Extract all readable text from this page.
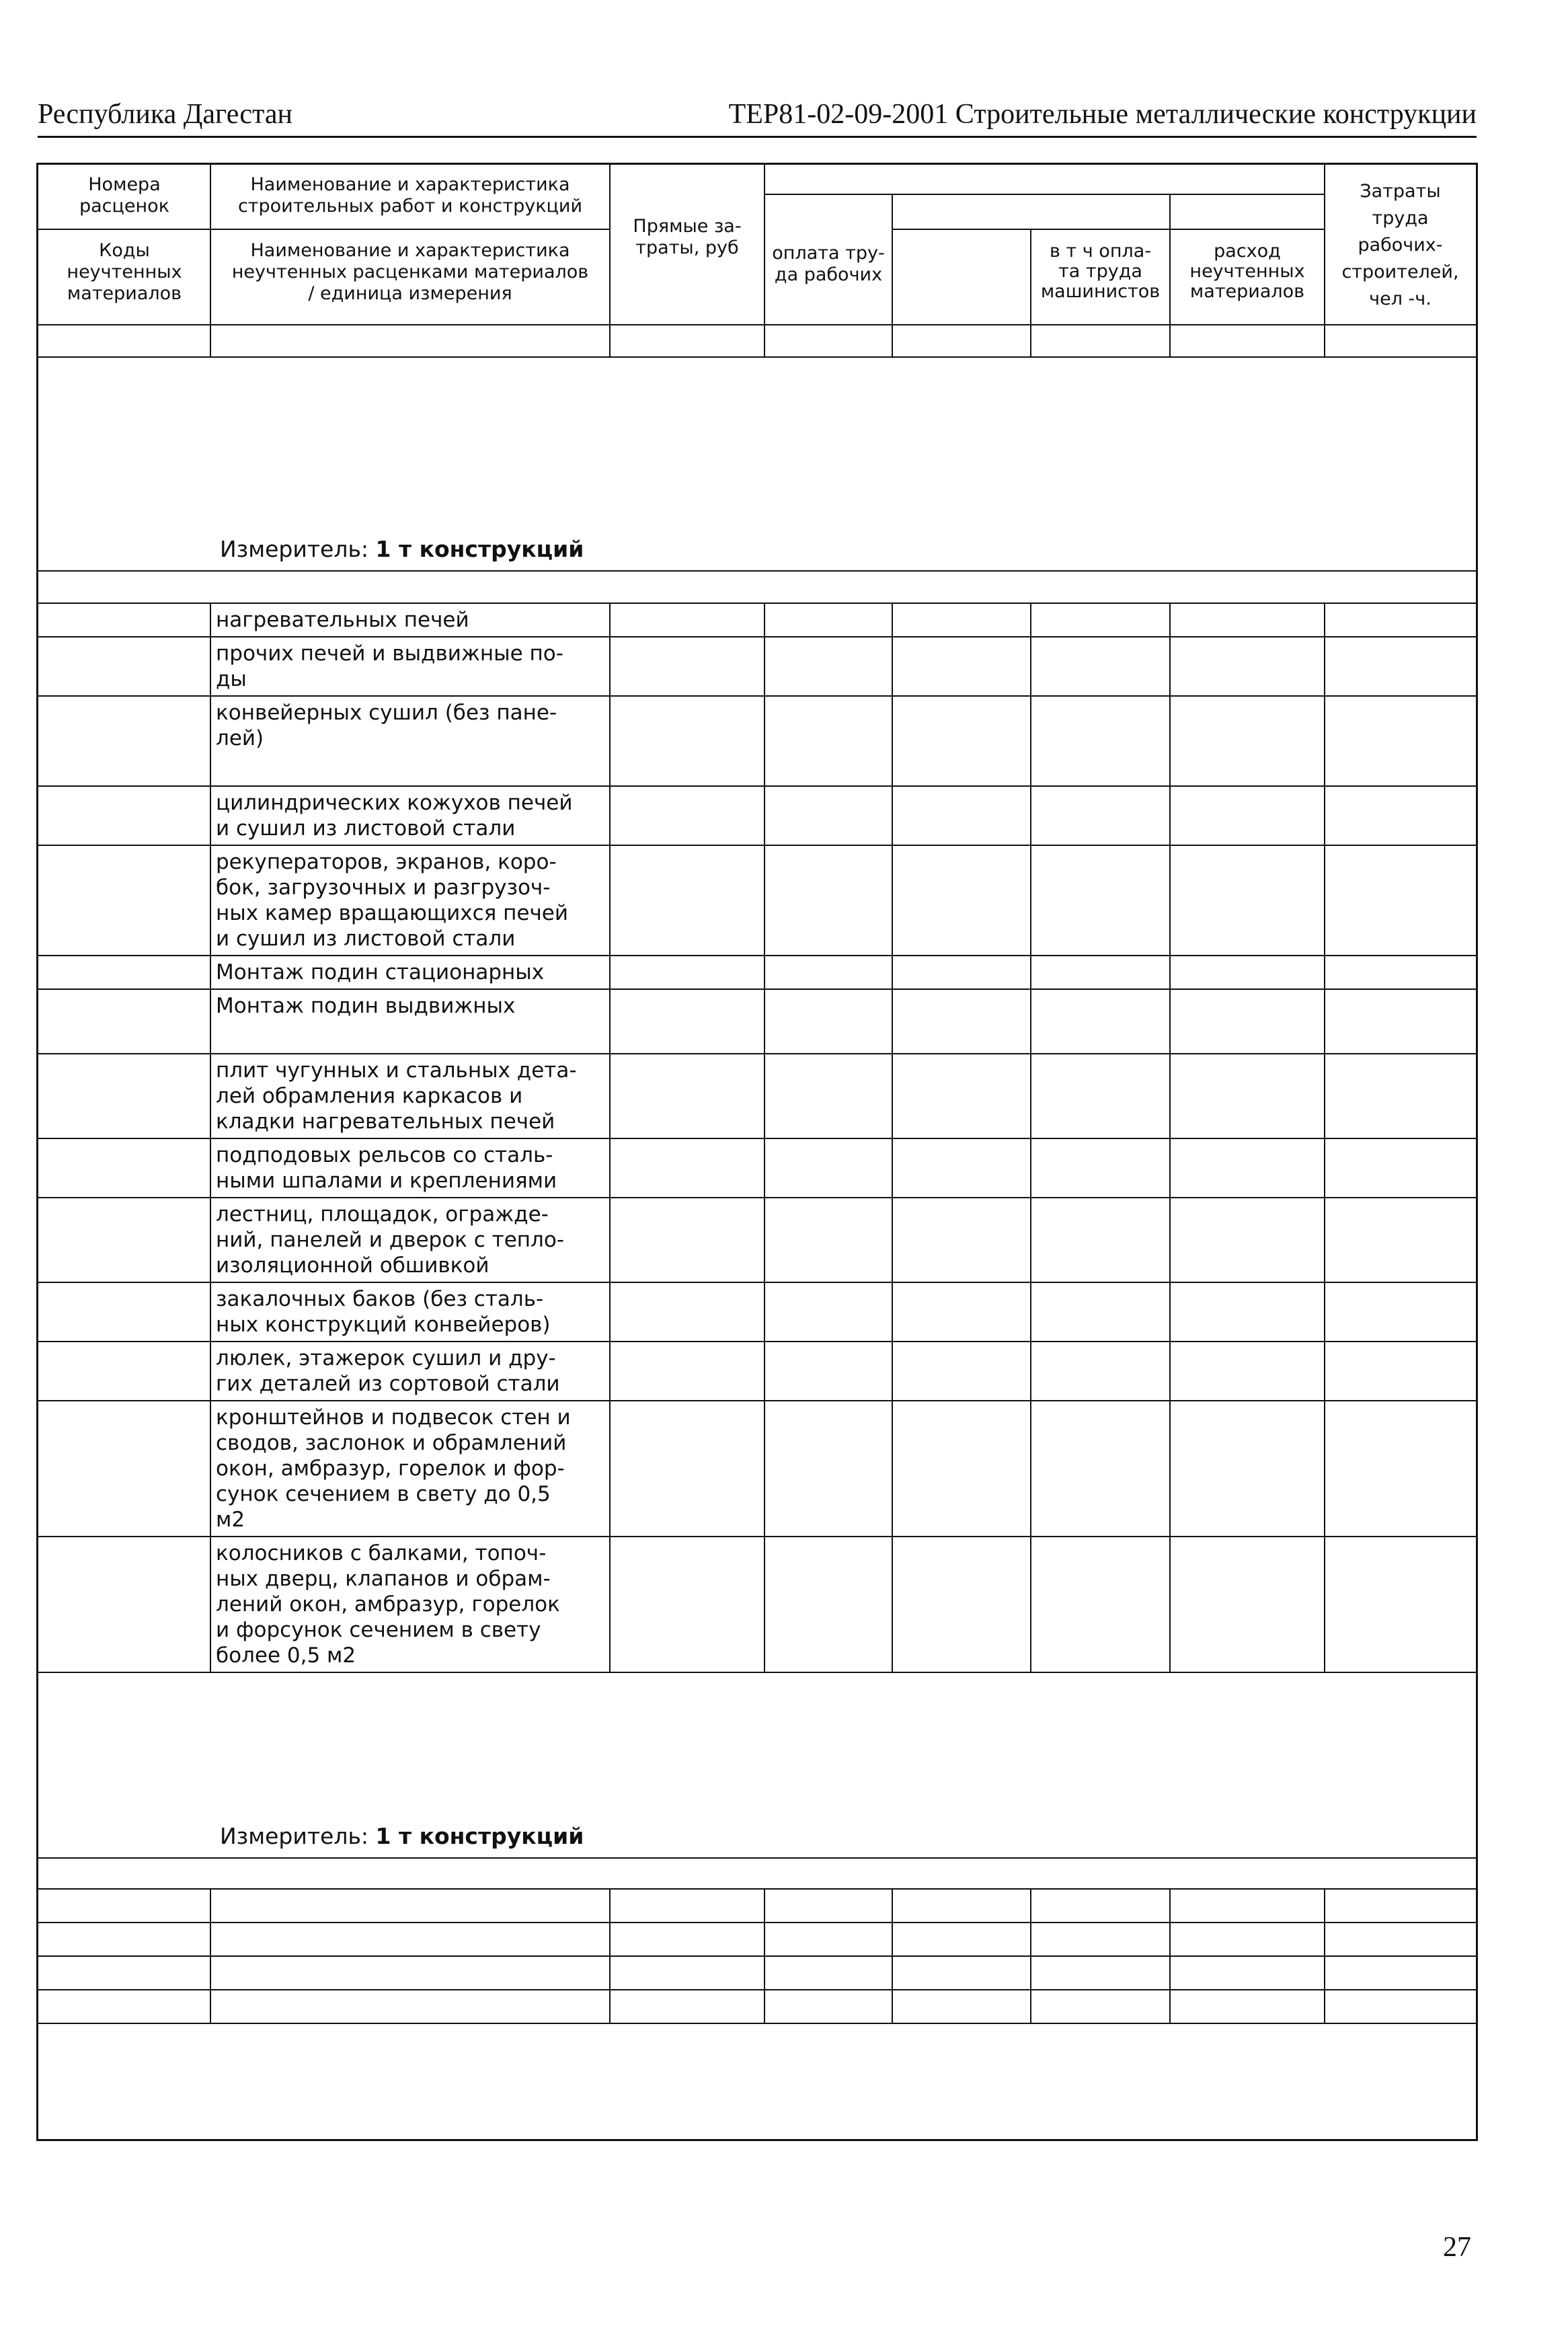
Республика Дагестан	ТЕР81-02-09-2001 Строительные металлические конструкции
Номера
расценок
Коды
неучтенных
материалов
Наименование и характеристика
строительных работ и конструкций
Наименование и характеристика
неучтенных расценками материалов
/ единица измерения
Прямые за-
траты, руб	оплата тру-
да рабочих
в т ч опла-
та труда
машинистов
расход
неучтенных
материалов
Затраты
труда
рабочих-
строителей,
чел -ч.
Измеритель: 1 т конструкций
нагревательных печей
прочих печей и выдвижные по-
ды
конвейерных сушил (без пане-
лей)
цилиндрических кожухов печей
и сушил из листовой стали
рекуператоров, экранов, коро-
бок, загрузочных и разгрузоч-
ных камер вращающихся печей
и сушил из листовой стали
Монтаж подин стационарных
Монтаж подин выдвижных
плит чугунных и стальных дета-
лей обрамления каркасов и
кладки нагревательных печей
подподовых рельсов со сталь-
ными шпалами и креплениями
лестниц, площадок, огражде-
ний, панелей и дверок с тепло-
изоляционной обшивкой
закалочных баков (без сталь-
ных конструкций конвейеров)
люлек, этажерок сушил и дру-
гих деталей из сортовой стали
кронштейнов и подвесок стен и
сводов, заслонок и обрамлений
окон, амбразур, горелок и фор-
сунок сечением в свету до 0,5
м2
колосников с балками, топоч-
ных дверц, клапанов и обрам-
лений окон, амбразур, горелок
и форсунок сечением в свету
более 0,5 м2
Измеритель: 1 т конструкций
27
